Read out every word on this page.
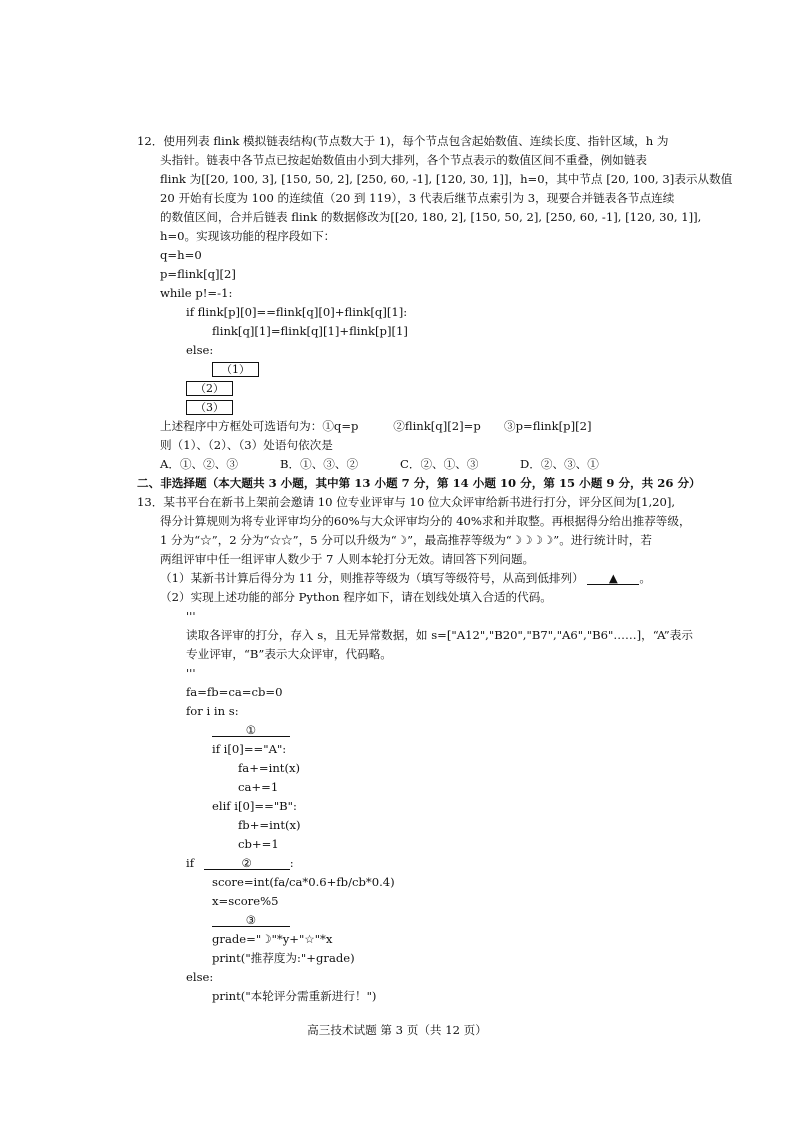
12．使用列表 flink 模拟链表结构(节点数大于 1)，每个节点包含起始数值、连续长度、指针区域，h 为
头指针。链表中各节点已按起始数值由小到大排列，各个节点表示的数值区间不重叠，例如链表
flink 为[[20, 100, 3], [150, 50, 2], [250, 60, -1], [120, 30, 1]]，h=0，其中节点 [20, 100, 3]表示从数值
20 开始有长度为 100 的连续值（20 到 119），3 代表后继节点索引为 3，现要合并链表各节点连续
的数值区间，合并后链表 flink 的数据修改为[[20, 180, 2], [150, 50, 2], [250, 60, -1], [120, 30, 1]],
h=0。实现该功能的程序段如下：
q=h=0
p=flink[q][2]
while p!=-1:
if flink[p][0]==flink[q][0]+flink[q][1]:
flink[q][1]=flink[q][1]+flink[p][1]
else:
（1）
（2）
（3）
上述程序中方框处可选语句为：①q=p　　　②flink[q][2]=p　　③p=flink[p][2]
则（1）、（2）、（3）处语句依次是
A．①、②、③	B．①、③、②	C．②、①、③	D．②、③、①
二、非选择题（本大题共 3 小题，其中第 13 小题 7 分，第 14 小题 10 分，第 15 小题 9 分，共 26 分）
13．某书平台在新书上架前会邀请 10 位专业评审与 10 位大众评审给新书进行打分，评分区间为[1,20],
得分计算规则为将专业评审均分的60%与大众评审均分的 40%求和并取整。再根据得分给出推荐等级，
1 分为“☆”，2 分为“☆☆”，5 分可以升级为“☽”，最高推荐等级为“☽☽☽☽”。进行统计时，若
两组评审中任一组评审人数少于 7 人则本轮打分无效。请回答下列问题。
（1）某新书计算后得分为 11 分，则推荐等级为（填写等级符号，从高到低排列） ▲ 。
（2）实现上述功能的部分 Python 程序如下，请在划线处填入合适的代码。
'''
读取各评审的打分，存入 s，且无异常数据，如 s=["A12","B20","B7","A6","B6"……]，“A”表示
专业评审，“B”表示大众评审，代码略。
'''
fa=fb=ca=cb=0
for i in s:
①
if i[0]=="A":
fa+=int(x)
ca+=1
elif i[0]=="B":
fb+=int(x)
cb+=1
if	②	:
score=int(fa/ca*0.6+fb/cb*0.4)
x=score%5
③
grade="☽"*y+"☆"*x
print("推荐度为:"+grade)
else:
print("本轮评分需重新进行！")
高三技术试题 第 3 页（共 12 页）
